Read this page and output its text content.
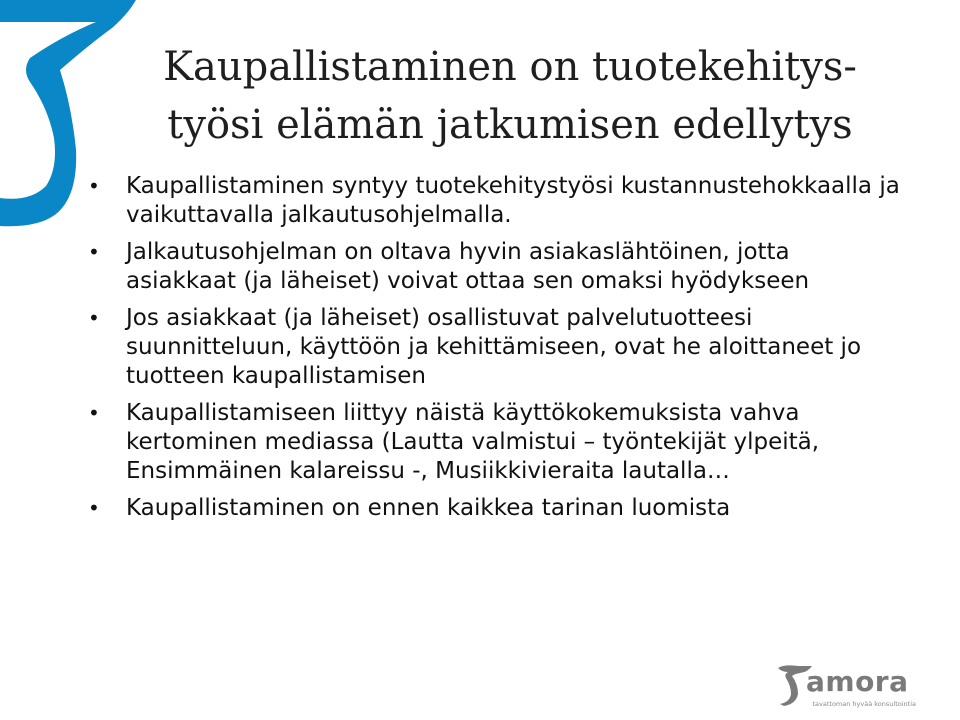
Kaupallistaminen on tuotekehitys-
työsi elämän jatkumisen edellytys
•	Kaupallistaminen syntyy tuotekehitystyösi kustannustehokkaalla ja vaikuttavalla jalkautusohjelmalla.
•	Jalkautusohjelman on oltava hyvin asiakaslähtöinen, jotta asiakkaat (ja läheiset) voivat ottaa sen omaksi hyödykseen
•	Jos asiakkaat (ja läheiset) osallistuvat palvelutuotteesi suunnitteluun, käyttöön ja kehittämiseen, ovat he aloittaneet jo tuotteen kaupallistamisen
•	Kaupallistamiseen liittyy näistä käyttökokemuksista vahva kertominen mediassa (Lautta valmistui – työntekijät ylpeitä, Ensimmäinen kalareissu -, Musiikkivieraita lautalla…
•	Kaupallistaminen on ennen kaikkea tarinan luomista
amora
tavattoman hyvää konsultointia
